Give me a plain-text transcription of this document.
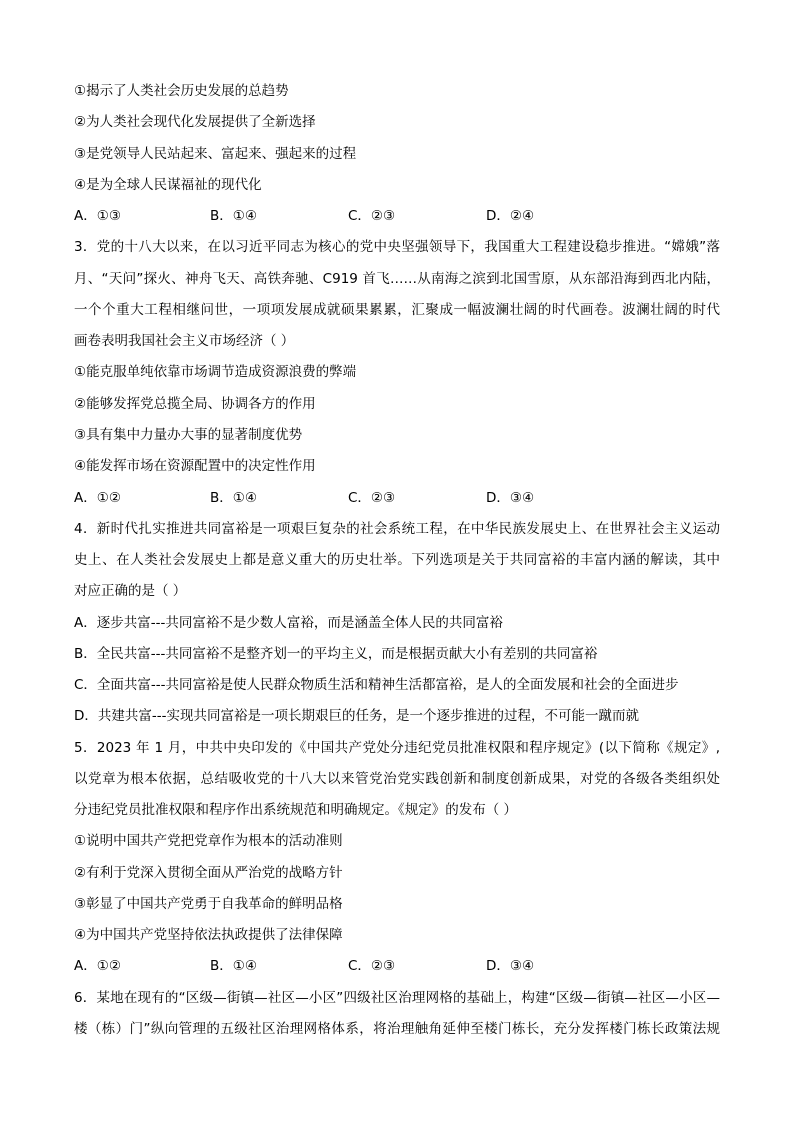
①揭示了人类社会历史发展的总趋势
②为人类社会现代化发展提供了全新选择
③是党领导人民站起来、富起来、强起来的过程
④是为全球人民谋福祉的现代化
A．①③	B．①④	C．②③	D．②④
3．党的十八大以来，在以习近平同志为核心的党中央坚强领导下，我国重大工程建设稳步推进。“嫦娥”落
月、“天问”探火、神舟飞天、高铁奔驰、C919 首飞……从南海之滨到北国雪原，从东部沿海到西北内陆，
一个个重大工程相继问世，一项项发展成就硕果累累，汇聚成一幅波澜壮阔的时代画卷。波澜壮阔的时代
画卷表明我国社会主义市场经济（ ）
①能克服单纯依靠市场调节造成资源浪费的弊端
②能够发挥党总揽全局、协调各方的作用
③具有集中力量办大事的显著制度优势
④能发挥市场在资源配置中的决定性作用
A．①②	B．①④	C．②③	D．③④
4．新时代扎实推进共同富裕是一项艰巨复杂的社会系统工程，在中华民族发展史上、在世界社会主义运动
史上、在人类社会发展史上都是意义重大的历史壮举。下列选项是关于共同富裕的丰富内涵的解读，其中
对应正确的是（ ）
A．逐步共富---共同富裕不是少数人富裕，而是涵盖全体人民的共同富裕
B．全民共富---共同富裕不是整齐划一的平均主义，而是根据贡献大小有差别的共同富裕
C．全面共富---共同富裕是使人民群众物质生活和精神生活都富裕，是人的全面发展和社会的全面进步
D．共建共富---实现共同富裕是一项长期艰巨的任务，是一个逐步推进的过程，不可能一蹴而就
5．2023 年 1 月，中共中央印发的《中国共产党处分违纪党员批准权限和程序规定》(以下简称《规定》,
以党章为根本依据，总结吸收党的十八大以来管党治党实践创新和制度创新成果，对党的各级各类组织处
分违纪党员批准权限和程序作出系统规范和明确规定。《规定》的发布（ ）
①说明中国共产党把党章作为根本的活动准则
②有利于党深入贯彻全面从严治党的战略方针
③彰显了中国共产党勇于自我革命的鲜明品格
④为中国共产党坚持依法执政提供了法律保障
A．①②	B．①④	C．②③	D．③④
6．某地在现有的“区级—街镇—社区—小区”四级社区治理网格的基础上，构建“区级—街镇—社区—小区—
楼（栋）门”纵向管理的五级社区治理网格体系，将治理触角延伸至楼门栋长，充分发挥楼门栋长政策法规
